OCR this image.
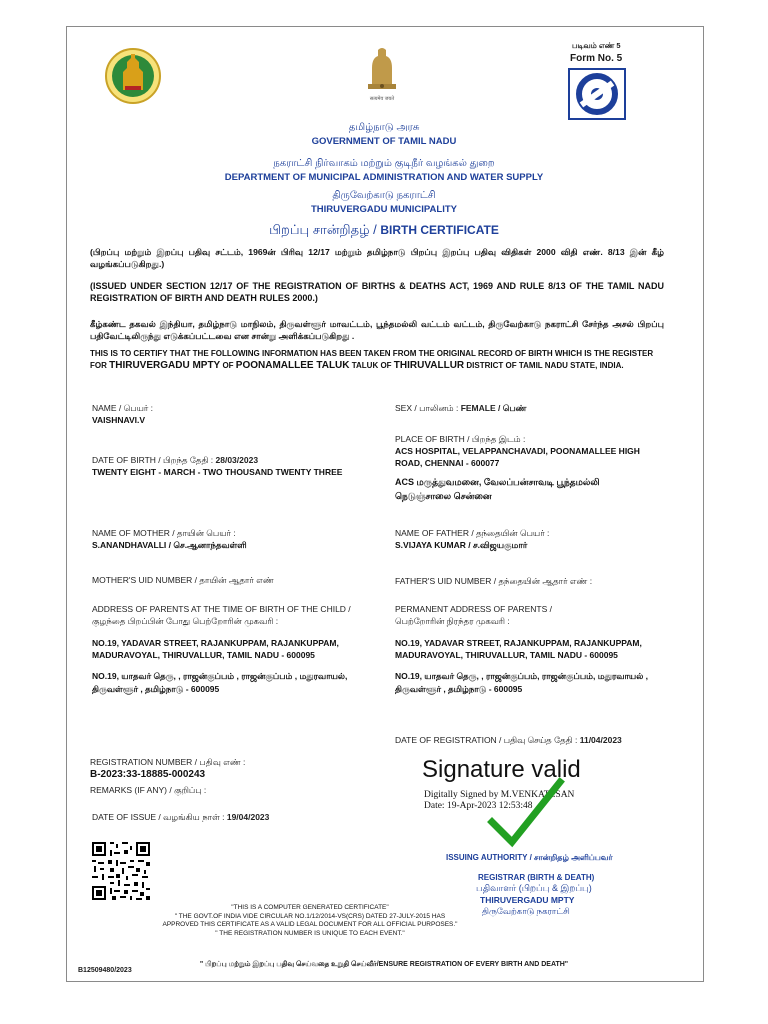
सत्यमेव जयते
படிவம் எண் 5
Form No. 5
தமிழ்நாடு அரசு
GOVERNMENT OF TAMIL NADU
நகராட்சி நிர்வாகம் மற்றும் குடிநீர் வழங்கல் துறை
DEPARTMENT OF MUNICIPAL ADMINISTRATION AND WATER SUPPLY
திருவேற்காடு நகராட்சி
THIRUVERGADU MUNICIPALITY
பிறப்பு சான்றிதழ் / BIRTH CERTIFICATE
(பிறப்பு மற்றும் இறப்பு பதிவு சட்டம், 1969ன் பிரிவு 12/17 மற்றும் தமிழ்நாடு பிறப்பு இறப்பு பதிவு விதிகள் 2000 விதி எண். 8/13 இன் கீழ் வழங்கப்படுகிறது.)
(ISSUED UNDER SECTION 12/17 OF THE REGISTRATION OF BIRTHS & DEATHS ACT, 1969 AND RULE 8/13 OF THE TAMIL NADU REGISTRATION OF BIRTH AND DEATH RULES 2000.)
கீழ்கண்ட தகவல் இந்தியா, தமிழ்நாடு மாநிலம், திருவள்ளூர் மாவட்டம், பூந்தமல்லி வட்டம் வட்டம், திருவேற்காடு நகராட்சி சேர்ந்த அசல் பிறப்பு பதிவேட்டிலிருந்து எடுக்கப்பட்டவை என சான்று அளிக்கப்படுகிறது .
THIS IS TO CERTIFY THAT THE FOLLOWING INFORMATION HAS BEEN TAKEN FROM THE ORIGINAL RECORD OF BIRTH WHICH IS THE REGISTER FOR THIRUVERGADU MPTY OF POONAMALLEE TALUK TALUK OF THIRUVALLUR DISTRICT OF TAMIL NADU STATE, INDIA.
NAME / பெயர் :
VAISHNAVI.V
DATE OF BIRTH / பிறந்த தேதி : 28/03/2023
TWENTY EIGHT - MARCH - TWO THOUSAND TWENTY THREE
NAME OF MOTHER / தாயின் பெயர் :
S.ANANDHAVALLI / செ.ஆனாந்தவள்ளி
MOTHER'S UID NUMBER / தாயின் ஆதார் எண்
ADDRESS OF PARENTS AT THE TIME OF BIRTH OF THE CHILD /
குழந்தை பிறப்பின் போது பெற்றோரின் முகவரி :
NO.19, YADAVAR STREET, RAJANKUPPAM, RAJANKUPPAM, MADURAVOYAL, THIRUVALLUR, TAMIL NADU - 600095
NO.19, யாதவர் தெரு, , ராஜன்குப்பம் , ராஜன்குப்பம் , மதுரவாயல், திருவள்ளூர் , தமிழ்நாடு - 600095
SEX / பாலினம் : FEMALE / பெண்
PLACE OF BIRTH / பிறந்த இடம் :
ACS HOSPITAL, VELAPPANCHAVADI, POONAMALLEE HIGH ROAD, CHENNAI - 600077
ACS மருத்துவமனை, வேலப்பன்சாவடி பூந்தமல்லி நெடுஞ்சாலை சென்னை
NAME OF FATHER / தந்தையின் பெயர் :
S.VIJAYA KUMAR / ச.விஜயகுமார்
FATHER'S UID NUMBER / தந்தையின் ஆதார் எண் :
PERMANENT ADDRESS OF PARENTS /
பெற்றோரின் நிரந்தர முகவரி :
NO.19, YADAVAR STREET, RAJANKUPPAM, RAJANKUPPAM, MADURAVOYAL, THIRUVALLUR, TAMIL NADU - 600095
NO.19, யாதவர் தெரு, , ராஜன்குப்பம், ராஜன்குப்பம், மதுரவாயல் , திருவள்ளூர் , தமிழ்நாடு - 600095
DATE OF REGISTRATION / பதிவு செய்த தேதி : 11/04/2023
REGISTRATION NUMBER / பதிவு எண் :
B-2023:33-18885-000243
REMARKS (IF ANY) / குறிப்பு :
DATE OF ISSUE / வழங்கிய நாள் : 19/04/2023
Signature valid
Digitally Signed by M.VENKATESAN
Date: 19-Apr-2023 12:53:48
ISSUING AUTHORITY / சான்றிதழ் அளிப்பவர்
REGISTRAR (BIRTH & DEATH)
பதிவாளர் (பிறப்பு & இறப்பு)
THIRUVERGADU MPTY
திருவேற்காடு நகராட்சி
"THIS IS A COMPUTER GENERATED CERTIFICATE"
" THE GOVT.OF INDIA VIDE CIRCULAR NO.1/12/2014-VS(CRS) DATED 27-JULY-2015 HAS
APPROVED THIS CERTIFICATE AS A VALID LEGAL DOCUMENT FOR ALL OFFICIAL PURPOSES."
" THE REGISTRATION NUMBER IS UNIQUE TO EACH EVENT."
B12509480/2023
" பிறப்பு மற்றும் இறப்பு பதிவு செய்வதை உறுதி செய்வீர்/ENSURE REGISTRATION OF EVERY BIRTH AND DEATH"
